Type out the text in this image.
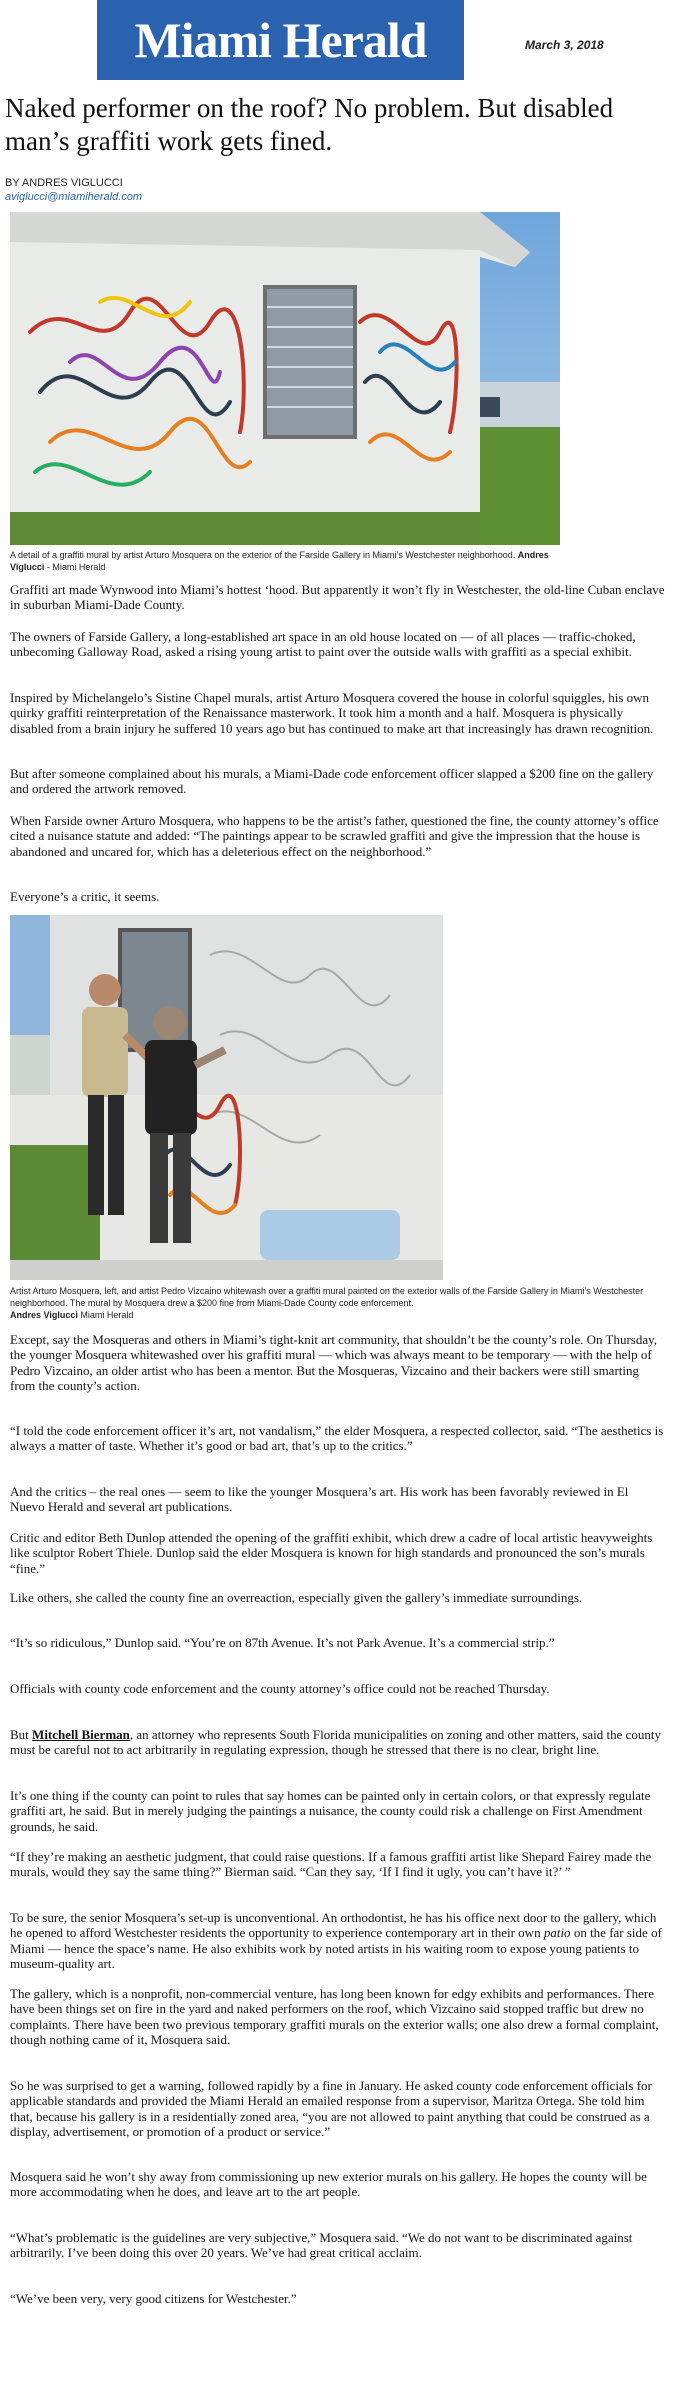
Miami Herald	March 3, 2018
Naked performer on the roof? No problem. But disabled man’s graffiti work gets fined.
BY ANDRES VIGLUCCI
aviglucci@miamiherald.com
A detail of a graffiti mural by artist Arturo Mosquera on the exterior of the Farside Gallery in Miami’s Westchester neighborhood. Andres Viglucci - Miami Herald

Graffiti art made Wynwood into Miami’s hottest ‘hood. But apparently it won’t fly in Westchester, the old-line Cuban enclave in suburban Miami-Dade County.

The owners of Farside Gallery, a long-established art space in an old house located on — of all places — traffic-choked, unbecoming Galloway Road, asked a rising young artist to paint over the outside walls with graffiti as a special exhibit.

Inspired by Michelangelo’s Sistine Chapel murals, artist Arturo Mosquera covered the house in colorful squiggles, his own quirky graffiti reinterpretation of the Renaissance masterwork. It took him a month and a half. Mosquera is physically disabled from a brain injury he suffered 10 years ago but has continued to make art that increasingly has drawn recognition.

But after someone complained about his murals, a Miami-Dade code enforcement officer slapped a $200 fine on the gallery and ordered the artwork removed.

When Farside owner Arturo Mosquera, who happens to be the artist’s father, questioned the fine, the county attorney’s office cited a nuisance statute and added: “The paintings appear to be scrawled graffiti and give the impression that the house is abandoned and uncared for, which has a deleterious effect on the neighborhood.”

Everyone’s a critic, it seems.

Artist Arturo Mosquera, left, and artist Pedro Vizcaino whitewash over a graffiti mural painted on the exterior walls of the Farside Gallery in Miami’s Westchester neighborhood. The mural by Mosquera drew a $200 fine from Miami-Dade County code enforcement.
Andres Viglucci Miami Herald

Except, say the Mosqueras and others in Miami’s tight-knit art community, that shouldn’t be the county’s role. On Thursday, the younger Mosquera whitewashed over his graffiti mural — which was always meant to be temporary — with the help of Pedro Vizcaino, an older artist who has been a mentor. But the Mosqueras, Vizcaino and their backers were still smarting from the county’s action.

“I told the code enforcement officer it’s art, not vandalism,” the elder Mosquera, a respected collector, said. “The aesthetics is always a matter of taste. Whether it’s good or bad art, that’s up to the critics.”

And the critics – the real ones — seem to like the younger Mosquera’s art. His work has been favorably reviewed in El Nuevo Herald and several art publications.

Critic and editor Beth Dunlop attended the opening of the graffiti exhibit, which drew a cadre of local artistic heavyweights like sculptor Robert Thiele. Dunlop said the elder Mosquera is known for high standards and pronounced the son’s murals “fine.”

Like others, she called the county fine an overreaction, especially given the gallery’s immediate surroundings.

“It’s so ridiculous,” Dunlop said. “You’re on 87th Avenue. It’s not Park Avenue. It’s a commercial strip.”

Officials with county code enforcement and the county attorney’s office could not be reached Thursday.

But Mitchell Bierman, an attorney who represents South Florida municipalities on zoning and other matters, said the county must be careful not to act arbitrarily in regulating expression, though he stressed that there is no clear, bright line.

It’s one thing if the county can point to rules that say homes can be painted only in certain colors, or that expressly regulate graffiti art, he said. But in merely judging the paintings a nuisance, the county could risk a challenge on First Amendment grounds, he said.

“If they’re making an aesthetic judgment, that could raise questions. If a famous graffiti artist like Shepard Fairey made the murals, would they say the same thing?” Bierman said. “Can they say, ‘If I find it ugly, you can’t have it?’ ”

To be sure, the senior Mosquera’s set-up is unconventional. An orthodontist, he has his office next door to the gallery, which he opened to afford Westchester residents the opportunity to experience contemporary art in their own patio on the far side of Miami — hence the space’s name. He also exhibits work by noted artists in his waiting room to expose young patients to museum-quality art.

The gallery, which is a nonprofit, non-commercial venture, has long been known for edgy exhibits and performances. There have been things set on fire in the yard and naked performers on the roof, which Vizcaino said stopped traffic but drew no complaints. There have been two previous temporary graffiti murals on the exterior walls; one also drew a formal complaint, though nothing came of it, Mosquera said.

So he was surprised to get a warning, followed rapidly by a fine in January. He asked county code enforcement officials for applicable standards and provided the Miami Herald an emailed response from a supervisor, Maritza Ortega. She told him that, because his gallery is in a residentially zoned area, “you are not allowed to paint anything that could be construed as a display, advertisement, or promotion of a product or service.”

Mosquera said he won’t shy away from commissioning up new exterior murals on his gallery. He hopes the county will be more accommodating when he does, and leave art to the art people.

“What’s problematic is the guidelines are very subjective,” Mosquera said. “We do not want to be discriminated against arbitrarily. I’ve been doing this over 20 years. We’ve had great critical acclaim.

“We’ve been very, very good citizens for Westchester.”
